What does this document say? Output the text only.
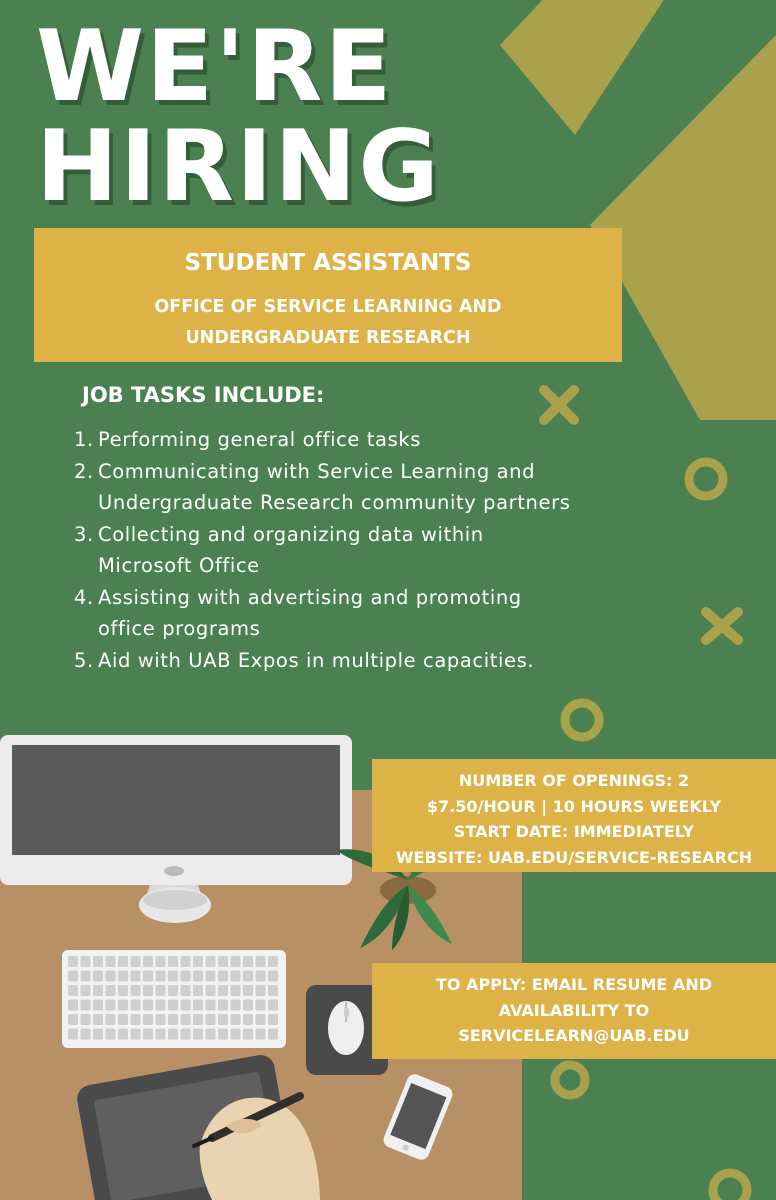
WE'RE
HIRING
STUDENT ASSISTANTS
OFFICE OF SERVICE LEARNING AND UNDERGRADUATE RESEARCH
JOB TASKS INCLUDE:
1. Performing general office tasks
2. Communicating with Service Learning and Undergraduate Research community partners
3. Collecting and organizing data within Microsoft Office
4. Assisting with advertising and promoting office programs
5. Aid with UAB Expos in multiple capacities.
NUMBER OF OPENINGS: 2
$7.50/HOUR | 10 HOURS WEEKLY
START DATE: IMMEDIATELY
WEBSITE: UAB.EDU/SERVICE-RESEARCH
TO APPLY: EMAIL RESUME AND
AVAILABILITY TO
SERVICELEARN@UAB.EDU
